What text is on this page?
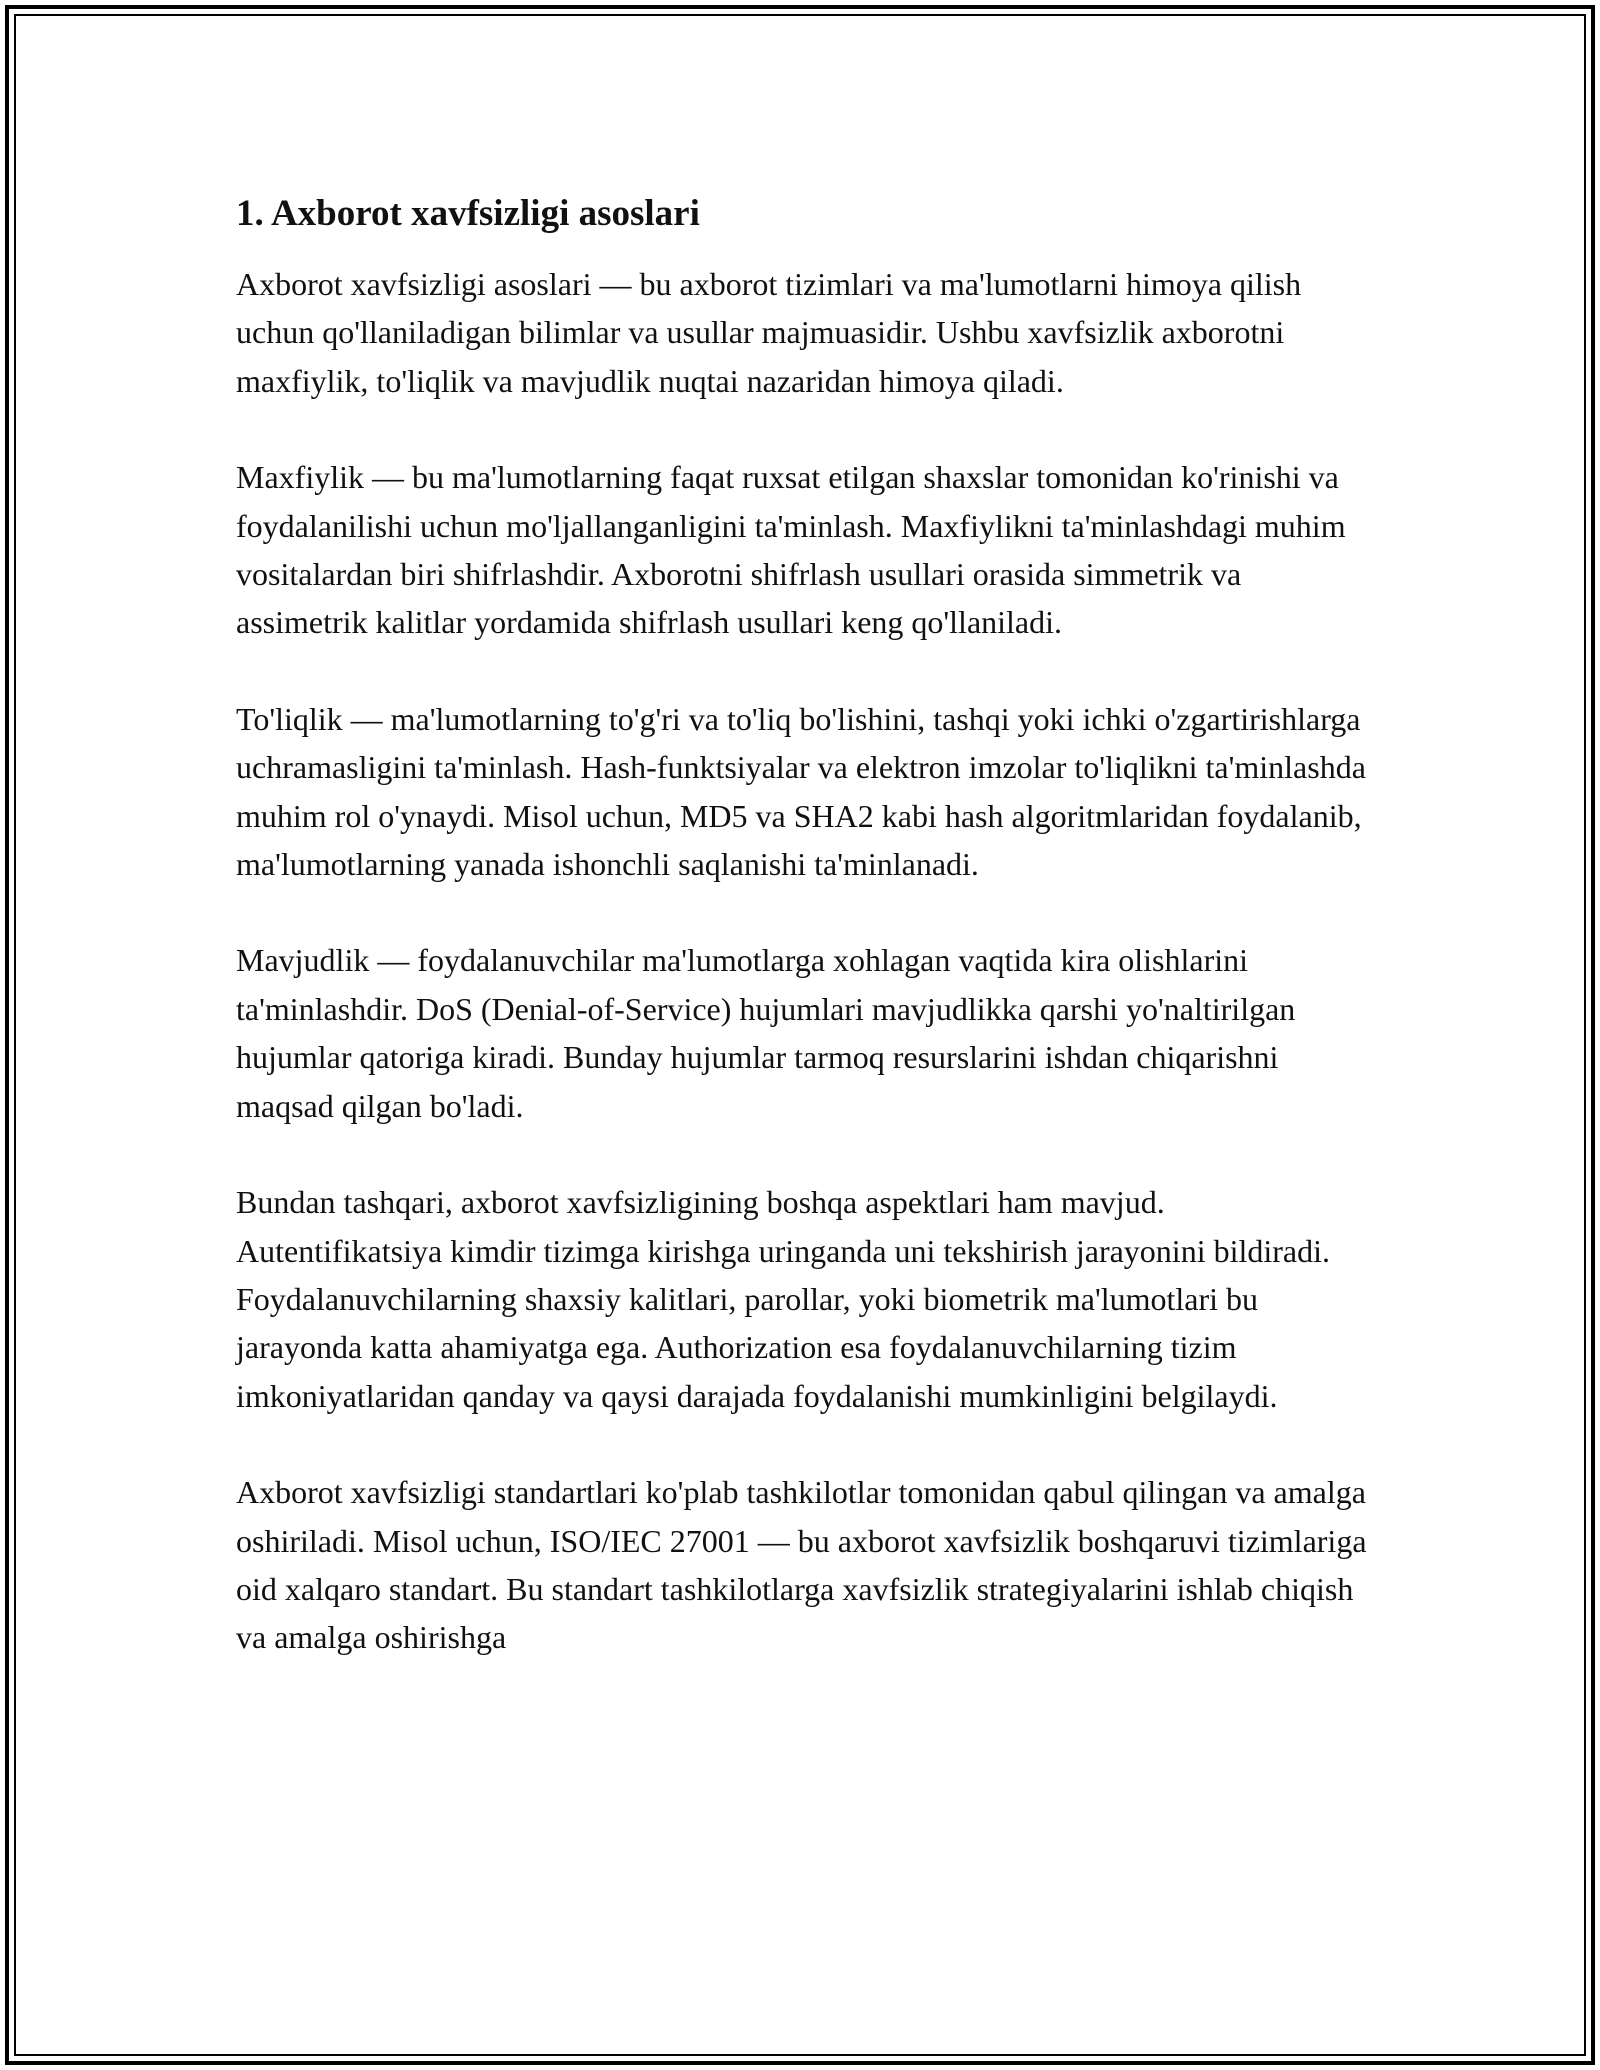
1. Axborot xavfsizligi asoslari

Axborot xavfsizligi asoslari — bu axborot tizimlari va ma'lumotlarni himoya qilish uchun qo'llaniladigan bilimlar va usullar majmuasidir. Ushbu xavfsizlik axborotni maxfiylik, to'liqlik va mavjudlik nuqtai nazaridan himoya qiladi.

Maxfiylik — bu ma'lumotlarning faqat ruxsat etilgan shaxslar tomonidan ko'rinishi va foydalanilishi uchun mo'ljallanganligini ta'minlash. Maxfiylikni ta'minlashdagi muhim vositalardan biri shifrlashdir. Axborotni shifrlash usullari orasida simmetrik va assimetrik kalitlar yordamida shifrlash usullari keng qo'llaniladi.

To'liqlik — ma'lumotlarning to'g'ri va to'liq bo'lishini, tashqi yoki ichki o'zgartirishlarga uchramasligini ta'minlash. Hash-funktsiyalar va elektron imzolar to'liqlikni ta'minlashda muhim rol o'ynaydi. Misol uchun, MD5 va SHA2 kabi hash algoritmlaridan foydalanib, ma'lumotlarning yanada ishonchli saqlanishi ta'minlanadi.

Mavjudlik — foydalanuvchilar ma'lumotlarga xohlagan vaqtida kira olishlarini ta'minlashdir. DoS (Denial-of-Service) hujumlari mavjudlikka qarshi yo'naltirilgan hujumlar qatoriga kiradi. Bunday hujumlar tarmoq resurslarini ishdan chiqarishni maqsad qilgan bo'ladi.

Bundan tashqari, axborot xavfsizligining boshqa aspektlari ham mavjud. Autentifikatsiya kimdir tizimga kirishga uringanda uni tekshirish jarayonini bildiradi. Foydalanuvchilarning shaxsiy kalitlari, parollar, yoki biometrik ma'lumotlari bu jarayonda katta ahamiyatga ega. Authorization esa foydalanuvchilarning tizim imkoniyatlaridan qanday va qaysi darajada foydalanishi mumkinligini belgilaydi.

Axborot xavfsizligi standartlari ko'plab tashkilotlar tomonidan qabul qilingan va amalga oshiriladi. Misol uchun, ISO/IEC 27001 — bu axborot xavfsizlik boshqaruvi tizimlariga oid xalqaro standart. Bu standart tashkilotlarga xavfsizlik strategiyalarini ishlab chiqish va amalga oshirishga
